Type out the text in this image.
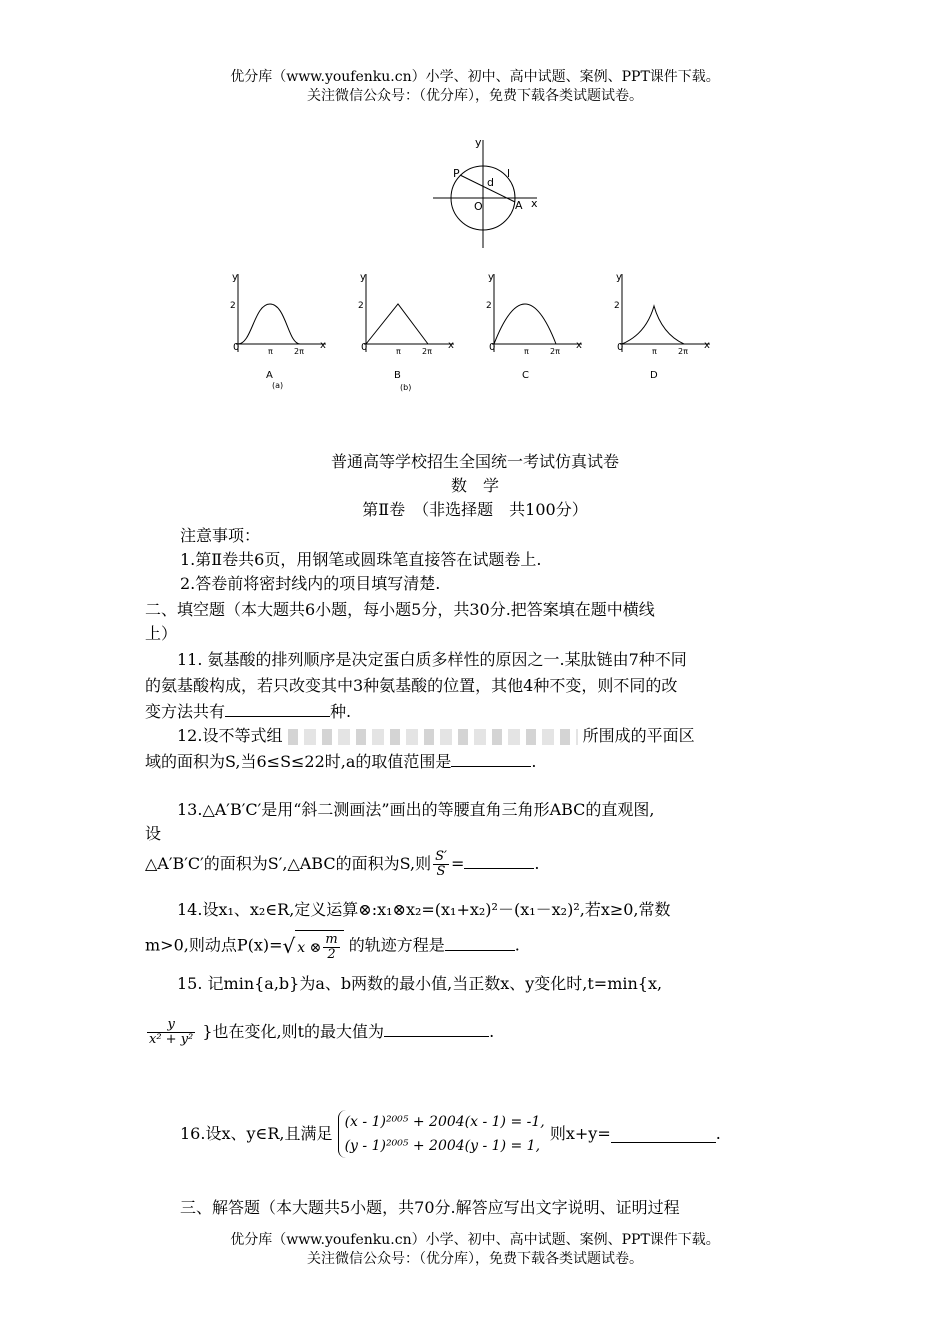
优分库（www.youfenku.cn）小学、初中、高中试题、案例、PPT课件下载。
关注微信公众号：（优分库），免费下载各类试题试卷。
y
x
O	A
P
d
l
y
x
0
2
π	2π
A
(a)
y
x
0
2
π	2π
B
(b)
y
x
0
2
π	2π
C
y
x
0
2
π	2π
D
普通高等学校招生全国统一考试仿真试卷
数　学
第Ⅱ卷　（非选择题　共100分）
注意事项：
1.第Ⅱ卷共6页，用钢笔或圆珠笔直接答在试题卷上.
2.答卷前将密封线内的项目填写清楚.
二、填空题（本大题共6小题，每小题5分，共30分.把答案填在题中横线
上）
11. 氨基酸的排列顺序是决定蛋白质多样性的原因之一.某肽链由7种不同
的氨基酸构成，若只改变其中3种氨基酸的位置，其他4种不变，则不同的改
变方法共有	种.
12.设不等式组	所围成的平面区
域的面积为S,当6≤S≤22时,a的取值范围是	.
13.△A′B′C′是用“斜二测画法”画出的等腰直角三角形ABC的直观图,
设
△A′B′C′的面积为S′,△ABC的面积为S,则 $\frac{S'}{S}$ =	.
14.设x₁、x₂∈R,定义运算⊗:x₁⊗x₂=(x₁+x₂)²－(x₁－x₂)²,若x≥0,常数
m>0,则动点P(x)=√ x ⊗ $\frac{m}{2}$ 的轨迹方程是	.
15. 记min{a,b}为a、b两数的最小值,当正数x、y变化时,t=min{x,
$\frac{y}{\text{x² + y²}}$ }也在变化,则t的最大值为	.
16.设x、y∈R,且满足
(x - 1)²⁰⁰⁵ + 2004(x - 1) = -1,
(y - 1)²⁰⁰⁵ + 2004(y - 1) = 1,
则x+y=	.
三、解答题（本大题共5小题，共70分.解答应写出文字说明、证明过程
优分库（www.youfenku.cn）小学、初中、高中试题、案例、PPT课件下载。
关注微信公众号：（优分库），免费下载各类试题试卷。
